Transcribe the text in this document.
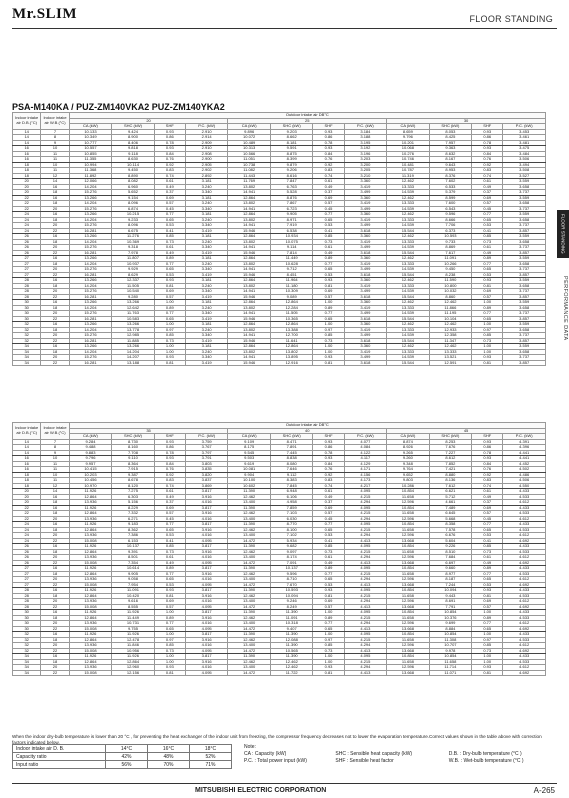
Mr.SLIM	FLOOR STANDING
PSA-M140KA / PUZ-ZM140VKA2 PUZ-ZM140YKA2
FLOOR STANDING
PERFORMANCE DATA
Indoor intake air D.B.(°C)	Indoor intake air W.B.(°C)	Outdoor intake air DB°C											
		20				25				30			
		CA (kW)	SHC (kW)	SHF	P.C. (kW)	CA (kW)	SHC (kW)	SHF	P.C. (kW)	CA (kW)	SHC (kW)	SHF	P.C. (kW)
14	7	10.133	9.424	0.93	2.910	9.896	9.203	0.93	3.184	8.659	8.053	0.93	3.453
14	8	10.349	8.900	0.86	2.914	10.072	8.662	0.86	3.188	9.796	8.425	0.86	3.461
14	9	10.777	8.406	0.78	2.909	10.489	8.181	0.78	3.195	10.201	7.957	0.78	3.481
16	10	10.557	9.818	0.93	2.910	10.313	9.591	0.93	3.192	10.068	9.363	0.93	3.475
16	11	10.855	9.118	0.84	2.908	10.566	8.875	0.84	3.196	10.276	8.632	0.84	3.484
16	11	11.355	8.630	0.76	2.900	11.051	8.399	0.76	3.203	10.746	8.167	0.76	3.506
18	10	10.994	10.114	0.92	2.905	10.738	9.879	0.92	3.200	10.481	9.643	0.92	3.494
18	11	11.368	9.450	0.83	2.902	11.082	9.206	0.83	3.205	10.787	8.953	0.83	3.508
18	12	11.892	8.890	0.74	2.892	11.443	8.616	0.74	3.210	11.319	8.376	0.74	3.527
20	14	12.066	8.082	0.61	3.181	11.769	7.847	0.61	3.360	12.462	7.602	0.61	3.559
20	16	14.204	6.960	0.49	3.240	13.802	6.763	0.49	3.419	13.333	6.533	0.49	3.658
20	18	15.276	5.652	0.37	3.340	14.941	5.528	0.37	3.499	14.539	5.379	0.37	3.737
22	16	13.266	9.154	0.69	3.181	12.864	8.876	0.69	3.360	12.462	8.599	0.69	3.559
22	18	14.204	8.096	0.57	3.240	13.802	7.867	0.57	3.419	13.333	7.600	0.57	3.658
22	20	15.276	6.874	0.45	3.340	14.941	6.723	0.45	3.499	14.539	6.543	0.45	3.737
24	16	13.266	10.215	0.77	3.181	12.864	9.905	0.77	3.360	12.462	9.596	0.77	3.559
24	18	14.204	9.233	0.65	3.240	13.802	8.971	0.65	3.419	13.333	8.666	0.65	3.658
24	20	15.276	8.096	0.53	3.340	14.941	7.919	0.53	3.499	14.539	7.706	0.53	3.737
24	22	16.281	6.675	0.41	3.419	15.946	6.538	0.41	3.618	15.544	6.373	0.41	3.857
26	16	13.266	11.276	0.85	3.181	12.864	10.934	0.85	3.360	12.462	10.593	0.85	3.559
26	18	14.204	10.369	0.73	3.240	13.802	10.075	0.73	3.419	13.333	9.733	0.73	3.658
26	20	15.276	9.318	0.61	3.340	14.941	9.114	0.61	3.499	14.539	8.869	0.61	3.737
26	22	16.281	7.978	0.49	3.419	15.946	7.814	0.49	3.618	15.544	7.617	0.49	3.857
27	16	13.266	11.807	0.89	3.181	12.864	11.449	0.89	3.360	12.462	11.091	0.89	3.559
27	18	14.204	10.937	0.77	3.240	13.802	10.628	0.77	3.419	13.333	10.266	0.77	3.658
27	20	15.276	9.929	0.65	3.340	14.941	9.712	0.65	3.499	14.539	9.450	0.65	3.737
27	22	16.281	8.629	0.53	3.419	15.946	8.451	0.53	3.618	15.544	8.238	0.53	3.857
28	16	13.266	12.337	0.93	3.181	12.864	11.964	0.93	3.360	12.462	11.590	0.93	3.559
28	18	14.204	11.505	0.81	3.240	13.802	11.180	0.81	3.419	13.333	10.800	0.81	3.658
28	20	15.276	10.540	0.69	3.340	14.941	10.309	0.69	3.499	14.539	10.032	0.69	3.737
28	22	16.281	9.280	0.57	3.419	15.946	9.089	0.57	3.618	15.544	8.860	0.57	3.857
30	16	13.266	13.266	1.00	3.181	12.864	12.864	1.00	3.360	12.462	12.462	1.00	3.559
30	18	14.204	12.642	0.89	3.240	13.802	12.284	0.89	3.419	13.333	11.866	0.89	3.658
30	20	15.276	11.763	0.77	3.340	14.941	11.505	0.77	3.499	14.539	11.195	0.77	3.737
30	22	16.281	10.583	0.65	3.419	15.946	10.365	0.65	3.618	15.544	10.104	0.65	3.857
32	16	13.266	13.266	1.00	3.181	12.864	12.864	1.00	3.360	12.462	12.462	1.00	3.559
32	18	14.204	13.778	0.97	3.240	13.802	13.388	0.97	3.419	13.333	12.933	0.97	3.658
32	20	15.276	12.985	0.85	3.340	14.941	12.700	0.85	3.499	14.539	12.358	0.85	3.737
32	22	16.281	11.885	0.73	3.419	15.946	11.641	0.73	3.618	15.544	11.347	0.73	3.857
34	16	13.266	13.266	1.00	3.181	12.864	12.864	1.00	3.360	12.462	12.462	1.00	3.559
34	18	14.204	14.204	1.00	3.240	13.802	13.802	1.00	3.419	13.333	13.333	1.00	3.658
34	20	15.276	14.207	0.93	3.340	14.941	13.895	0.93	3.499	14.539	13.521	0.93	3.737
34	22	16.281	13.188	0.81	3.419	15.946	12.916	0.81	3.618	15.544	12.591	0.81	3.857
Indoor intake air D.B.(°C)	Indoor intake air W.B.(°C)	Outdoor intake air DB°C											
		35				40				45			
		CA (kW)	SHC (kW)	SHF	P.C. (kW)	CA (kW)	SHC (kW)	SHF	P.C. (kW)	CA (kW)	SHC (kW)	SHF	P.C. (kW)
14	7	9.284	8.730	0.93	3.759	9.109	8.471	0.93	4.077	8.874	8.253	0.93	4.391
14	8	9.488	8.160	0.86	3.767	8.175	7.891	0.86	4.084	8.926	7.676	0.86	4.396
14	9	9.883	7.708	0.78	3.797	9.545	7.445	0.78	4.122	9.265	7.227	0.78	4.441
16	10	9.796	9.110	0.93	3.791	9.503	8.838	0.93	4.117	9.260	8.612	0.93	4.441
16	11	9.957	8.364	0.84	3.803	9.619	8.080	0.84	4.129	9.348	7.852	0.84	4.452
16	11	10.415	7.915	0.76	3.835	10.081	7.646	0.76	4.171	9.764	7.421	0.76	4.502
18	10	10.203	9.387	0.92	3.820	9.904	9.112	0.92	4.156	9.652	8.880	0.92	4.486
18	11	10.456	8.678	0.83	3.837	10.100	8.383	0.83	4.173	9.803	8.136	0.83	4.506
18	12	10.970	8.120	0.74	3.869	10.602	7.845	0.74	4.217	10.286	7.612	0.74	4.550
20	14	11.926	7.275	0.61	3.817	11.390	6.948	0.61	4.095	10.854	6.621	0.61	4.433
20	16	12.864	6.303	0.49	3.916	12.462	6.106	0.49	4.215	11.658	5.712	0.49	4.533
20	18	13.936	5.156	0.37	4.016	13.400	4.958	0.37	4.294	12.596	4.661	0.37	4.612
22	16	11.926	8.229	0.69	3.817	11.390	7.859	0.69	4.095	10.854	7.489	0.69	4.433
22	18	12.864	7.332	0.57	3.916	12.462	7.103	0.57	4.215	11.658	6.645	0.57	4.533
22	20	13.936	6.271	0.45	4.016	13.400	6.030	0.45	4.294	12.596	5.668	0.45	4.612
24	16	11.926	9.183	0.77	3.817	11.390	8.770	0.77	4.095	10.854	8.358	0.77	4.433
24	18	12.864	8.362	0.65	3.916	12.462	8.100	0.65	4.215	11.658	7.578	0.65	4.533
24	20	13.936	7.386	0.53	4.016	13.400	7.102	0.53	4.294	12.596	6.676	0.53	4.612
24	22	15.008	6.153	0.41	4.095	14.472	5.934	0.41	4.413	13.668	5.604	0.41	4.692
26	16	11.926	10.137	0.85	3.817	11.390	9.682	0.85	4.095	10.854	9.226	0.85	4.433
26	18	12.864	9.391	0.73	3.916	12.462	9.097	0.73	4.215	11.658	8.510	0.73	4.533
26	20	13.936	8.501	0.61	4.016	13.400	8.174	0.61	4.294	12.596	7.684	0.61	4.612
26	22	15.008	7.354	0.49	4.095	14.472	7.091	0.49	4.413	13.668	6.697	0.49	4.692
27	16	11.926	10.614	0.89	3.817	11.390	10.137	0.89	4.095	10.854	9.660	0.89	4.433
27	18	12.864	9.905	0.77	3.916	12.462	9.596	0.77	4.215	11.658	8.977	0.77	4.533
27	20	13.936	9.058	0.65	4.016	13.400	8.710	0.65	4.294	12.596	8.187	0.65	4.612
27	22	15.008	7.954	0.53	4.095	14.472	7.670	0.53	4.413	13.668	7.244	0.53	4.692
28	16	11.926	11.091	0.93	3.817	11.390	10.593	0.93	4.095	10.854	10.094	0.93	4.433
28	18	12.864	10.420	0.81	3.916	12.462	10.094	0.81	4.215	11.658	9.443	0.81	4.533
28	20	13.936	9.616	0.69	4.016	13.400	9.246	0.69	4.294	12.596	8.691	0.69	4.612
28	22	15.008	8.555	0.57	4.095	14.472	8.249	0.57	4.413	13.668	7.791	0.57	4.692
30	16	11.926	11.926	1.00	3.817	11.390	11.390	1.00	4.095	10.854	10.854	1.00	4.433
30	18	12.864	11.449	0.89	3.916	12.462	11.091	0.89	4.215	11.658	10.376	0.89	4.533
30	20	13.936	10.731	0.77	4.016	13.400	10.318	0.77	4.294	12.596	9.699	0.77	4.612
30	22	15.008	9.755	0.65	4.095	14.472	9.407	0.65	4.413	13.668	8.884	0.65	4.692
32	16	11.926	11.926	1.00	3.817	11.390	11.390	1.00	4.095	10.854	10.854	1.00	4.433
32	18	12.864	12.478	0.97	3.916	12.462	12.088	0.97	4.215	11.658	11.308	0.97	4.533
32	20	13.936	11.846	0.85	4.016	13.400	11.390	0.85	4.294	12.596	10.707	0.85	4.612
32	22	15.008	10.956	0.73	4.095	14.472	10.565	0.73	4.413	13.668	9.978	0.73	4.692
34	16	11.926	11.926	1.00	3.817	11.390	11.390	1.00	4.095	10.854	10.854	1.00	4.433
34	18	12.864	12.864	1.00	3.916	12.462	12.462	1.00	4.215	11.658	11.658	1.00	4.533
34	20	13.936	12.960	0.93	4.016	13.400	12.462	0.93	4.294	12.596	11.714	0.93	4.612
34	22	15.008	12.156	0.81	4.095	14.472	11.722	0.81	4.413	13.668	11.071	0.81	4.692
When the indoor dry-bulb temperature is lower than 20 °C , for preventing the heat exchanger of the indoor unit from freezing, the compressor frequency decreases not to lower the evaporation temperature.Correct values shown in the table above with correction factors indicated below.
Indoor intake air D. B.	14°C	16°C	18°C
Capacity ratio	42%	48%	52%
Input ratio	56%	70%	71%
Note:
CA : Capacity (kW)	SHC : Sensible heat capacity (kW)	D.B. : Dry-bulb temperature (°C )
P.C. : Total power input (kW)	SHF : Sensible heat factor	W.B. : Wet-bulb temperature (°C )
MITSUBISHI ELECTRIC CORPORATION	A-265
